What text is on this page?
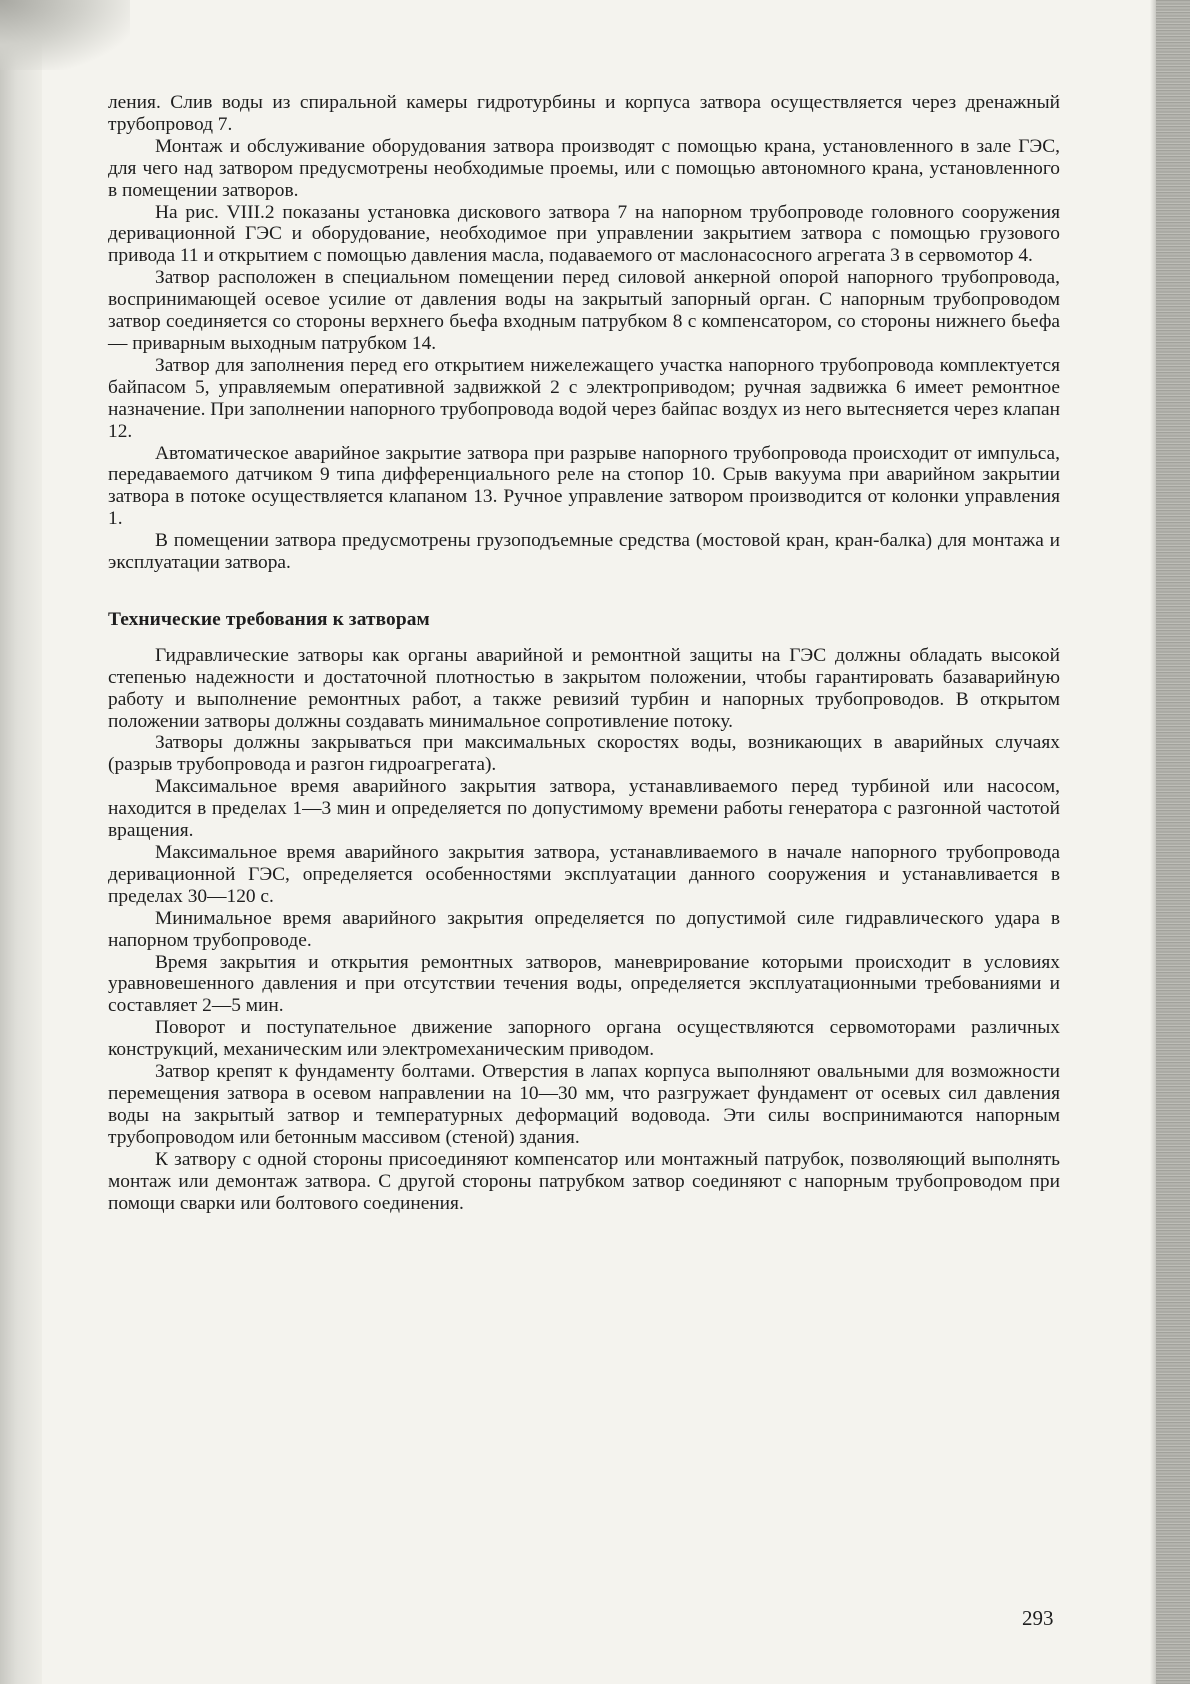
ления. Слив воды из спиральной камеры гидротурбины и корпуса затвора осуществляется через дренажный трубопровод 7.

Монтаж и обслуживание оборудования затвора производят с помощью крана, установленного в зале ГЭС, для чего над затвором предусмотрены необходимые проемы, или с помощью автономного крана, установленного в помещении затворов.

На рис. VIII.2 показаны установка дискового затвора 7 на напорном трубопроводе головного сооружения деривационной ГЭС и оборудование, необходимое при управлении закрытием затвора с помощью грузового привода 11 и открытием с помощью давления масла, подаваемого от маслонасосного агрегата 3 в сервомотор 4.

Затвор расположен в специальном помещении перед силовой анкерной опорой напорного трубопровода, воспринимающей осевое усилие от давления воды на закрытый запорный орган. С напорным трубопроводом затвор соединяется со стороны верхнего бьефа входным патрубком 8 с компенсатором, со стороны нижнего бьефа — приварным выходным патрубком 14.

Затвор для заполнения перед его открытием нижележащего участка напорного трубопровода комплектуется байпасом 5, управляемым оперативной задвижкой 2 с электроприводом; ручная задвижка 6 имеет ремонтное назначение. При заполнении напорного трубопровода водой через байпас воздух из него вытесняется через клапан 12.

Автоматическое аварийное закрытие затвора при разрыве напорного трубопровода происходит от импульса, передаваемого датчиком 9 типа дифференциального реле на стопор 10. Срыв вакуума при аварийном закрытии затвора в потоке осуществляется клапаном 13. Ручное управление затвором производится от колонки управления 1.

В помещении затвора предусмотрены грузоподъемные средства (мостовой кран, кран-балка) для монтажа и эксплуатации затвора.

Технические требования к затворам

Гидравлические затворы как органы аварийной и ремонтной защиты на ГЭС должны обладать высокой степенью надежности и достаточной плотностью в закрытом положении, чтобы гарантировать базаварийную работу и выполнение ремонтных работ, а также ревизий турбин и напорных трубопроводов. В открытом положении затворы должны создавать минимальное сопротивление потоку.

Затворы должны закрываться при максимальных скоростях воды, возникающих в аварийных случаях (разрыв трубопровода и разгон гидроагрегата).

Максимальное время аварийного закрытия затвора, устанавливаемого перед турбиной или насосом, находится в пределах 1—3 мин и определяется по допустимому времени работы генератора с разгонной частотой вращения.

Максимальное время аварийного закрытия затвора, устанавливаемого в начале напорного трубопровода деривационной ГЭС, определяется особенностями эксплуатации данного сооружения и устанавливается в пределах 30—120 с.

Минимальное время аварийного закрытия определяется по допустимой силе гидравлического удара в напорном трубопроводе.

Время закрытия и открытия ремонтных затворов, маневрирование которыми происходит в условиях уравновешенного давления и при отсутствии течения воды, определяется эксплуатационными требованиями и составляет 2—5 мин.

Поворот и поступательное движение запорного органа осуществляются сервомоторами различных конструкций, механическим или электромеханическим приводом.

Затвор крепят к фундаменту болтами. Отверстия в лапах корпуса выполняют овальными для возможности перемещения затвора в осевом направлении на 10—30 мм, что разгружает фундамент от осевых сил давления воды на закрытый затвор и температурных деформаций водовода. Эти силы воспринимаются напорным трубопроводом или бетонным массивом (стеной) здания.

К затвору с одной стороны присоединяют компенсатор или монтажный патрубок, позволяющий выполнять монтаж или демонтаж затвора. С другой стороны патрубком затвор соединяют с напорным трубопроводом при помощи сварки или болтового соединения.

293
